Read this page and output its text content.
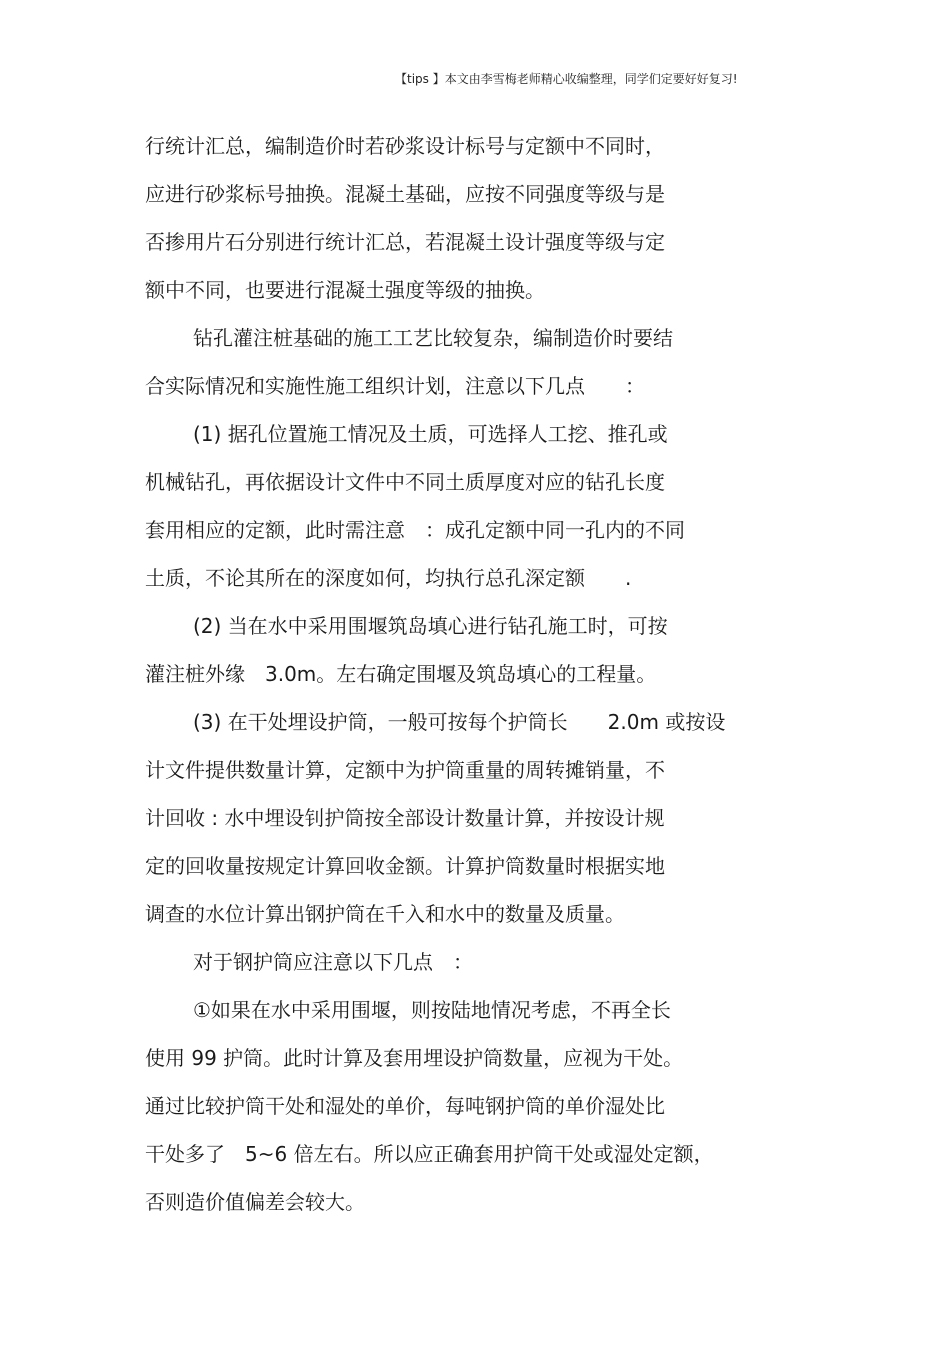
【tips 】本文由李雪梅老师精心收编整理，同学们定要好好复习!
行统计汇总，编制造价时若砂浆设计标号与定额中不同时，
应进行砂浆标号抽换。混凝土基础，应按不同强度等级与是
否掺用片石分别进行统计汇总，若混凝土设计强度等级与定
额中不同，也要进行混凝土强度等级的抽换。
钻孔灌注桩基础的施工工艺比较复杂，编制造价时要结
合实际情况和实施性施工组织计划，注意以下几点　　：
(1) 据孔位置施工情况及土质，可选择人工挖、推孔或
机械钻孔，再依据设计文件中不同土质厚度对应的钻孔长度
套用相应的定额，此时需注意　：成孔定额中同一孔内的不同
土质，不论其所在的深度如何，均执行总孔深定额　　.
(2) 当在水中采用围堰筑岛填心进行钻孔施工时，可按
灌注桩外缘　3.0m。左右确定围堰及筑岛填心的工程量。
(3) 在干处埋设护筒，一般可按每个护筒长　　2.0m 或按设
计文件提供数量计算，定额中为护筒重量的周转摊销量，不
计回收 : 水中埋设钊护筒按全部设计数量计算，并按设计规
定的回收量按规定计算回收金额。计算护筒数量时根据实地
调查的水位计算出钢护筒在千入和水中的数量及质量。
对于钢护筒应注意以下几点　：
①如果在水中采用围堰，则按陆地情况考虑，不再全长
使用 99 护筒。此时计算及套用埋设护筒数量，应视为干处。
通过比较护筒干处和湿处的单价，每吨钢护筒的单价湿处比
干处多了　5~6 倍左右。所以应正确套用护筒干处或湿处定额，
否则造价值偏差会较大。
